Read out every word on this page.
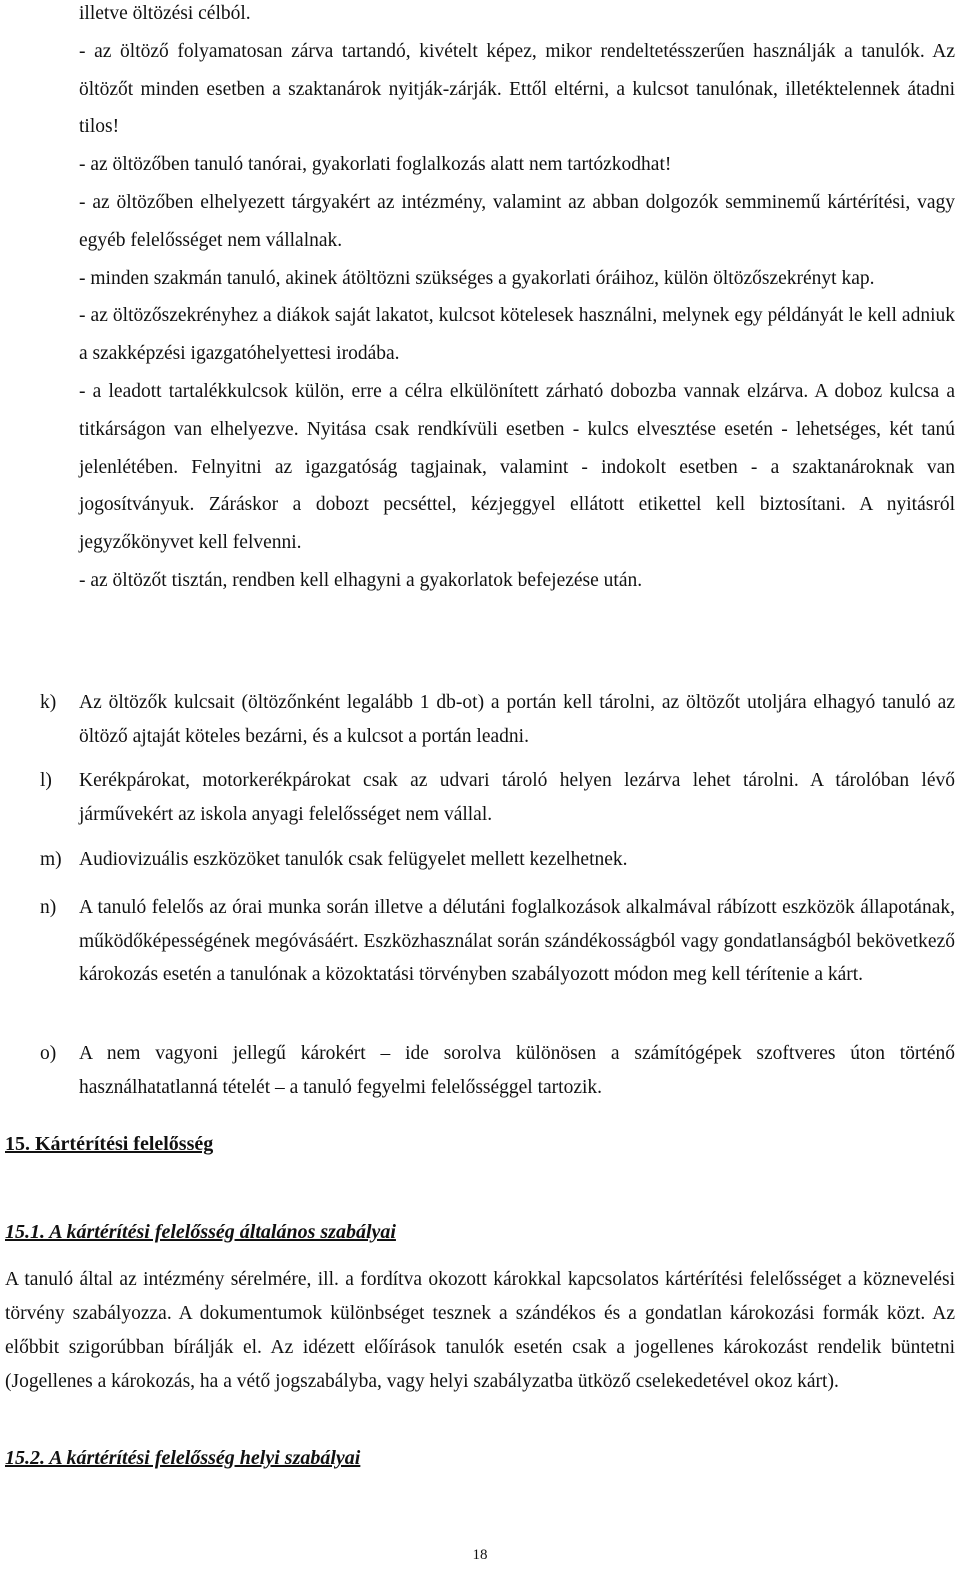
illetve öltözési célból.

- az öltöző folyamatosan zárva tartandó, kivételt képez, mikor rendeltetésszerűen használják a tanulók. Az öltözőt minden esetben a szaktanárok nyitják-zárják. Ettől eltérni, a kulcsot tanulónak, illetéktelennek átadni tilos!

- az öltözőben tanuló tanórai, gyakorlati foglalkozás alatt nem tartózkodhat!

- az öltözőben elhelyezett tárgyakért az intézmény, valamint az abban dolgozók semminemű kártérítési, vagy egyéb felelősséget nem vállalnak.

- minden szakmán tanuló, akinek átöltözni szükséges a gyakorlati óráihoz, külön öltözőszekrényt kap.

- az öltözőszekrényhez a diákok saját lakatot, kulcsot kötelesek használni, melynek egy példányát le kell adniuk a szakképzési igazgatóhelyettesi irodába.

- a leadott tartalékkulcsok külön, erre a célra elkülönített zárható dobozba vannak elzárva. A doboz kulcsa a titkárságon van elhelyezve. Nyitása csak rendkívüli esetben - kulcs elvesztése esetén - lehetséges, két tanú jelenlétében. Felnyitni az igazgatóság tagjainak, valamint - indokolt esetben - a szaktanároknak van jogosítványuk. Záráskor a dobozt pecséttel, kézjeggyel ellátott etikettel kell biztosítani. A nyitásról jegyzőkönyvet kell felvenni.

- az öltözőt tisztán, rendben kell elhagyni a gyakorlatok befejezése után.

k) Az öltözők kulcsait (öltözőnként legalább 1 db-ot) a portán kell tárolni, az öltözőt utoljára elhagyó tanuló az öltöző ajtaját köteles bezárni, és a kulcsot a portán leadni.
l) Kerékpárokat, motorkerékpárokat csak az udvari tároló helyen lezárva lehet tárolni. A tárolóban lévő járművekért az iskola anyagi felelősséget nem vállal.
m) Audiovizuális eszközöket tanulók csak felügyelet mellett kezelhetnek.
n) A tanuló felelős az órai munka során illetve a délutáni foglalkozások alkalmával rábízott eszközök állapotának, működőképességének megóvásáért. Eszközhasználat során szándékosságból vagy gondatlanságból bekövetkező károkozás esetén a tanulónak a közoktatási törvényben szabályozott módon meg kell térítenie a kárt.
o) A nem vagyoni jellegű károkért – ide sorolva különösen a számítógépek szoftveres úton történő használhatatlanná tételét – a tanuló fegyelmi felelősséggel tartozik.
15. Kártérítési felelősség
15.1. A kártérítési felelősség általános szabályai
A tanuló által az intézmény sérelmére, ill. a fordítva okozott károkkal kapcsolatos kártérítési felelősséget a köznevelési törvény szabályozza. A dokumentumok különbséget tesznek a szándékos és a gondatlan károkozási formák közt. Az előbbit szigorúbban bírálják el. Az idézett előírások tanulók esetén csak a jogellenes károkozást rendelik büntetni (Jogellenes a károkozás, ha a vétő jogszabályba, vagy helyi szabályzatba ütköző cselekedetével okoz kárt).
15.2. A kártérítési felelősség helyi szabályai
18
